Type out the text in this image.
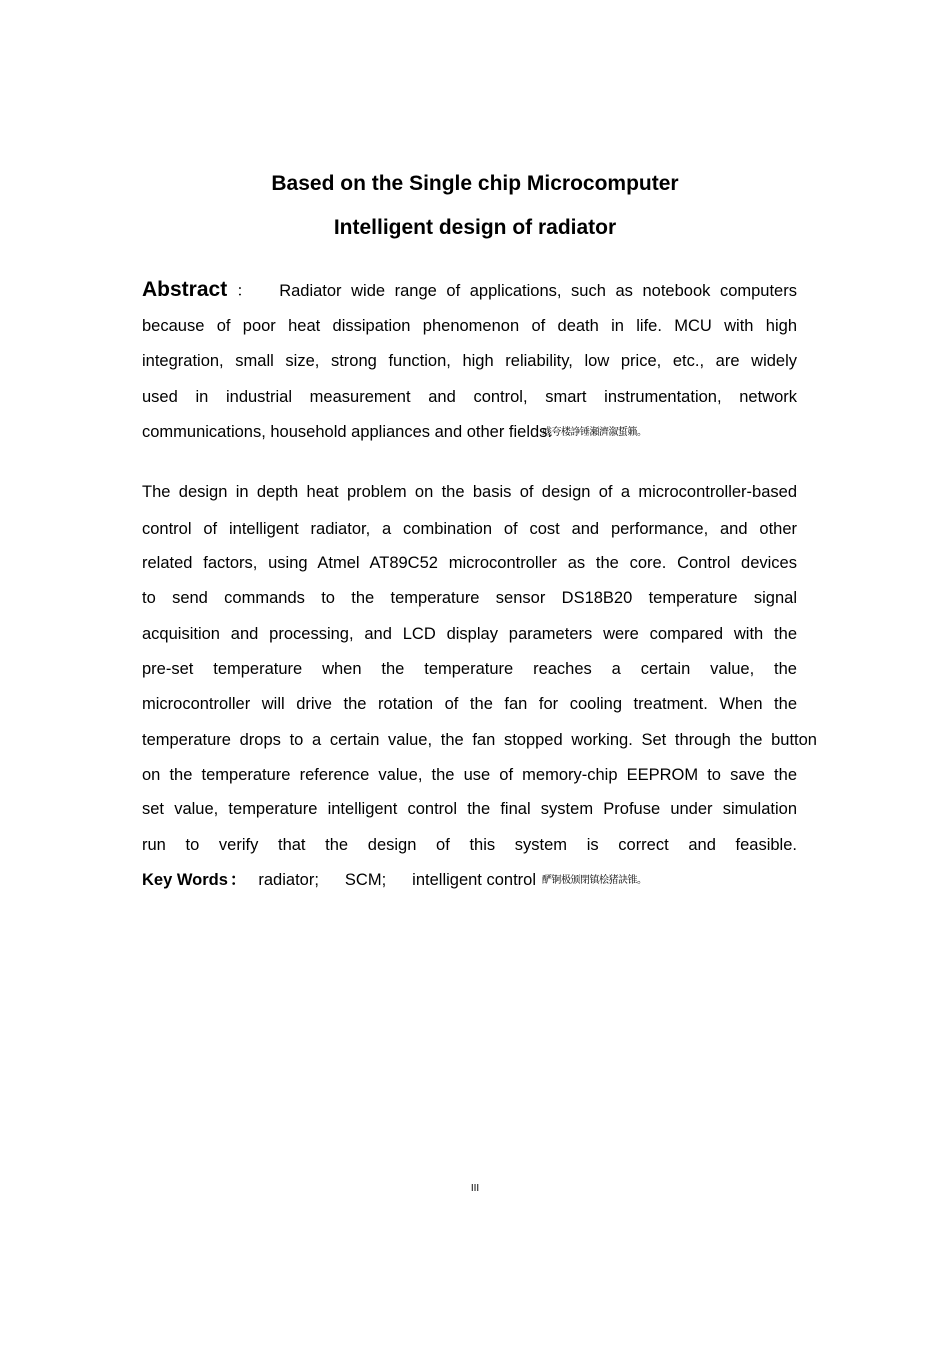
Based on the Single chip Microcomputer
Intelligent design of radiator
Abstract ： Radiator wide range of applications, such as notebook computers
because of poor heat dissipation phenomenon of death in life. MCU with high
integration, small size, strong function, high reliability, low price, etc., are widely
used in industrial measurement and control, smart instrumentation, network
communications, household appliances and other fields.彧夸楼諍锤瀬濟溆蜇籟。
The design in depth heat problem on the basis of design of a microcontroller-based
control of intelligent radiator, a combination of cost and performance, and other
related factors, using Atmel AT89C52 microcontroller as the core. Control devices
to send commands to the temperature sensor DS18B20 temperature signal
acquisition and processing, and LCD display parameters were compared with the
pre-set temperature when the temperature reaches a certain value, the
microcontroller will drive the rotation of the fan for cooling treatment. When the
temperature drops to a certain value, the fan stopped working. Set through the button
on the temperature reference value, the use of memory-chip EEPROM to save the
set value, temperature intelligent control the final system Profuse under simulation
run to verify that the design of this system is correct and feasible.
Key Words ： radiator; SCM; intelligent control 酽锕极颁閉镇桧猪訣锥。
III
